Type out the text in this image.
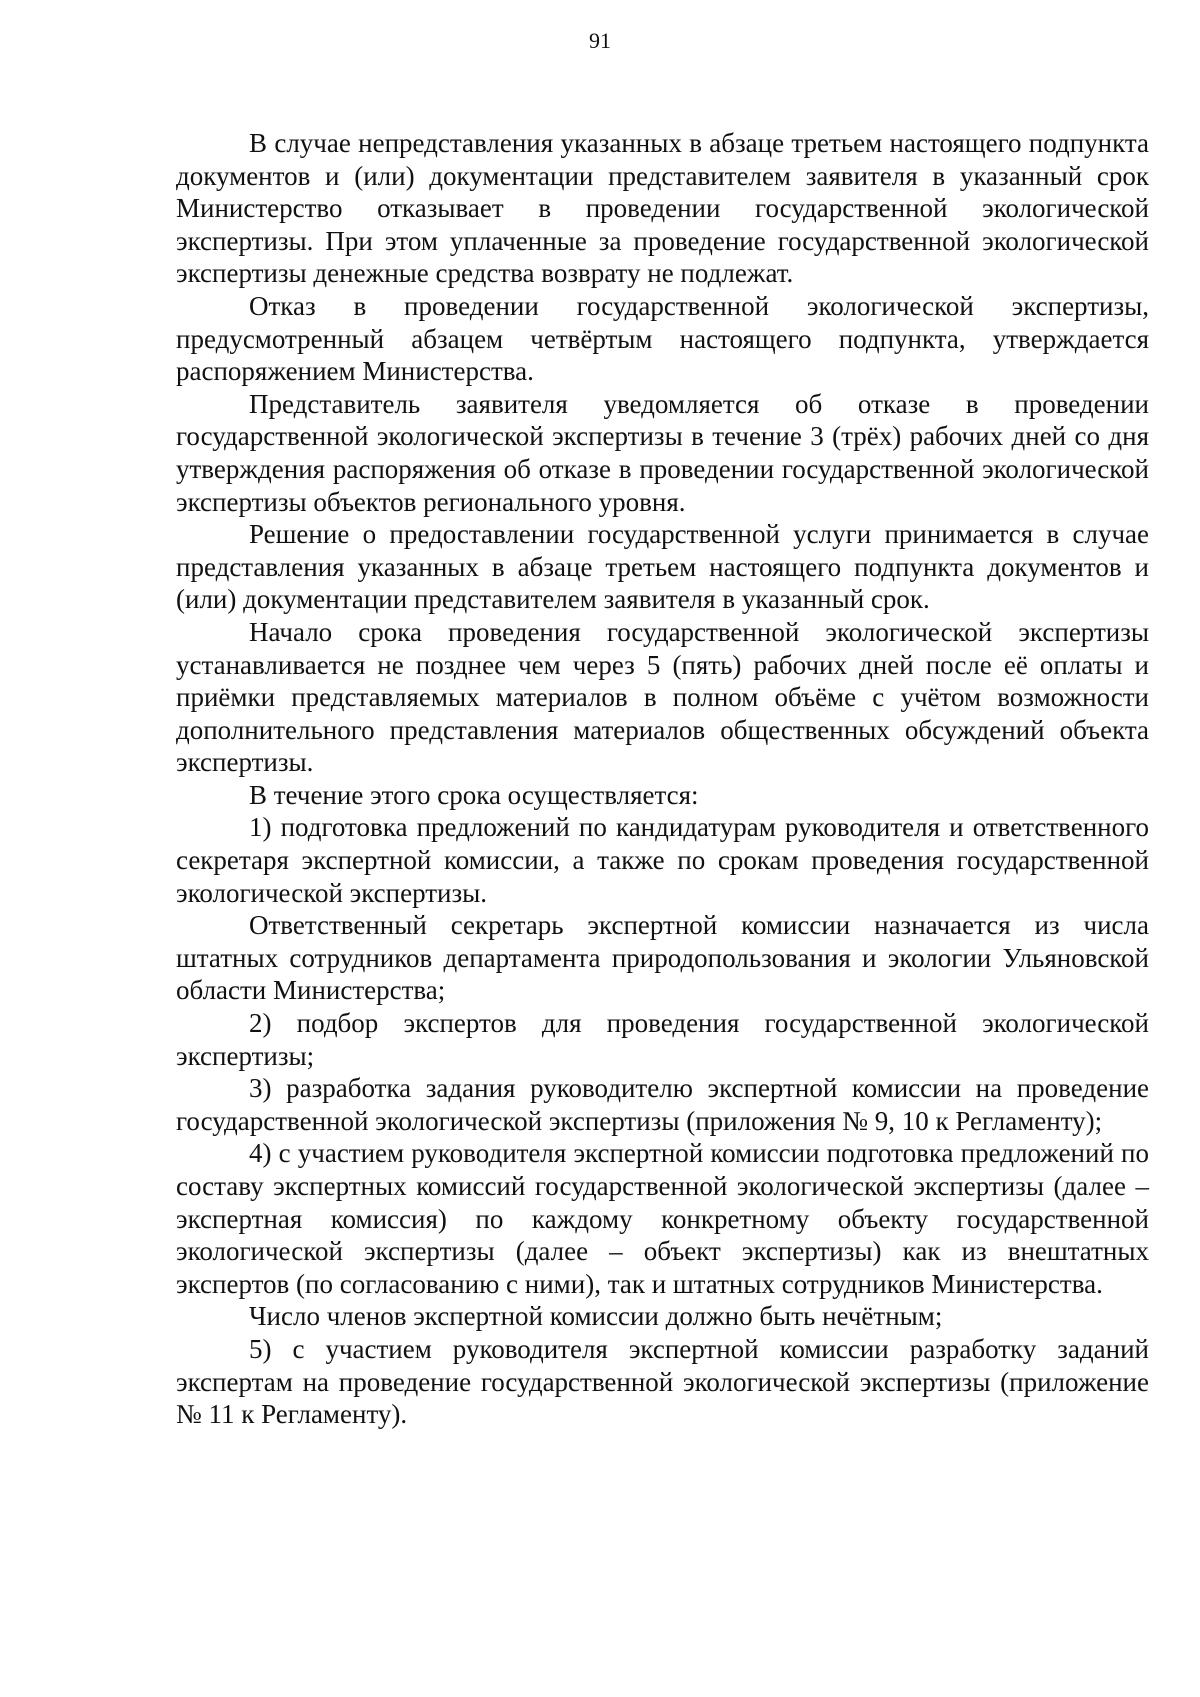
91

В случае непредставления указанных в абзаце третьем настоящего подпункта документов и (или) документации представителем заявителя в указанный срок Министерство отказывает в проведении государственной экологической экспертизы. При этом уплаченные за проведение государственной экологической экспертизы денежные средства возврату не подлежат.

Отказ в проведении государственной экологической экспертизы, предусмотренный абзацем четвёртым настоящего подпункта, утверждается распоряжением Министерства.

Представитель заявителя уведомляется об отказе в проведении государственной экологической экспертизы в течение 3 (трёх) рабочих дней со дня утверждения распоряжения об отказе в проведении государственной экологической экспертизы объектов регионального уровня.

Решение о предоставлении государственной услуги принимается в случае представления указанных в абзаце третьем настоящего подпункта документов и (или) документации представителем заявителя в указанный срок.

Начало срока проведения государственной экологической экспертизы устанавливается не позднее чем через 5 (пять) рабочих дней после её оплаты и приёмки представляемых материалов в полном объёме с учётом возможности дополнительного представления материалов общественных обсуждений объекта экспертизы.

В течение этого срока осуществляется:

1) подготовка предложений по кандидатурам руководителя и ответственного секретаря экспертной комиссии, а также по срокам проведения государственной экологической экспертизы.

Ответственный секретарь экспертной комиссии назначается из числа штатных сотрудников департамента природопользования и экологии Ульяновской области Министерства;

2) подбор экспертов для проведения государственной экологической экспертизы;

3) разработка задания руководителю экспертной комиссии на проведение государственной экологической экспертизы (приложения № 9, 10 к Регламенту);

4) с участием руководителя экспертной комиссии подготовка предложений по составу экспертных комиссий государственной экологической экспертизы (далее – экспертная комиссия) по каждому конкретному объекту государственной экологической экспертизы (далее – объект экспертизы) как из внештатных экспертов (по согласованию с ними), так и штатных сотрудников Министерства.

Число членов экспертной комиссии должно быть нечётным;

5) с участием руководителя экспертной комиссии разработку заданий экспертам на проведение государственной экологической экспертизы (приложение № 11 к Регламенту).
